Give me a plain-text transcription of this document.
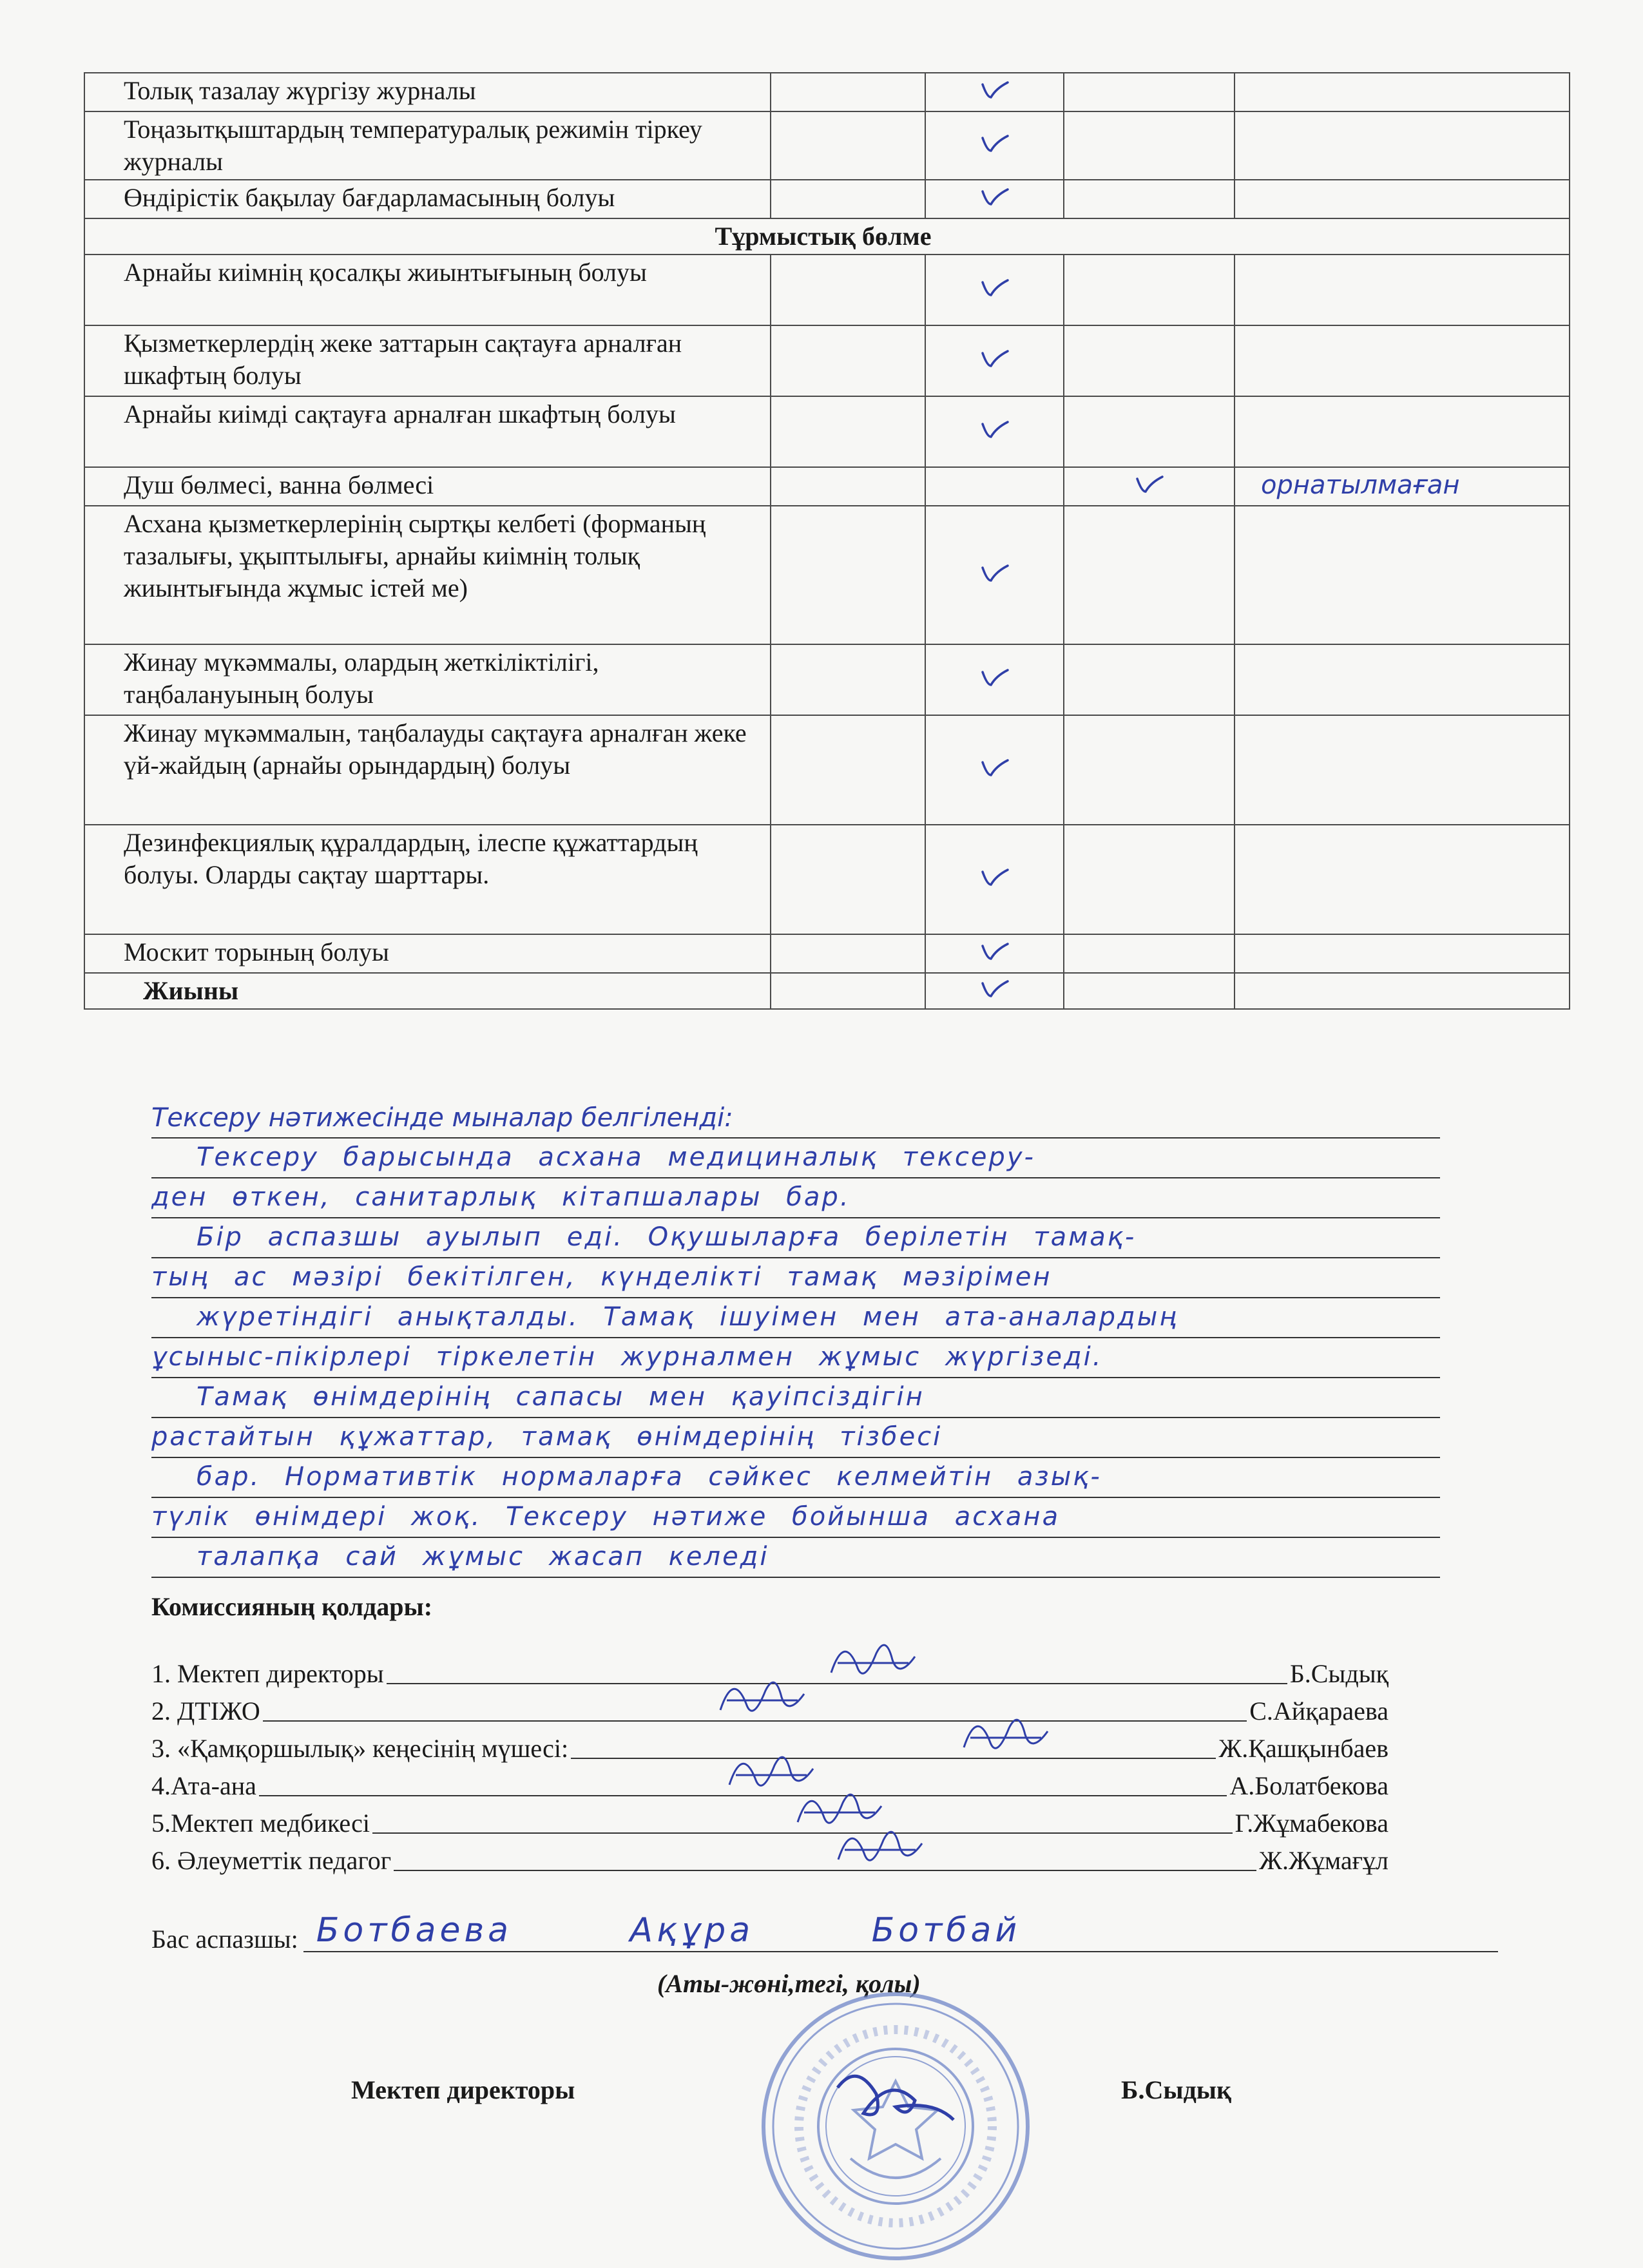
Толық тазалау жүргізу журналы		

Тоңазытқыштардың температуралық режимін тіркеу журналы		

Өндірістік бақылау бағдарламасының болуы		

Тұрмыстық бөлме				
Арнайы киімнің қосалқы жиынтығының болуы		

Қызметкерлердің жеке заттарын сақтауға арналған шкафтың болуы		

Арнайы киімді сақтауға арналған шкафтың болуы		

Душ бөлмесі, ванна бөлмесі				орнатылмаған
Асхана қызметкерлерінің сыртқы келбеті (форманың тазалығы, ұқыптылығы, арнайы киімнің толық жиынтығында жұмыс істей ме)		

Жинау мүкәммалы, олардың жеткіліктілігі, таңбалануының болуы		

Жинау мүкәммалын, таңбалауды сақтауға арналған жеке үй-жайдың (арнайы орындардың) болуы		

Дезинфекциялық құралдардың, ілеспе құжаттардың болуы. Оларды сақтау шарттары.		

Москит торының болуы		

Жиыны		

Тексеру нәтижесінде мыналар белгіленді:
Тексеру барысында асхана медициналық тексеру-
ден өткен, санитарлық кітапшалары бар.
Бір аспазшы ауылып еді. Оқушыларға берілетін тамақ-
тың ас мәзірі бекітілген, күнделікті тамақ мәзірімен
жүретіндігі анықталды. Тамақ ішуімен мен ата-аналардың
ұсыныс-пікірлері тіркелетін журналмен жұмыс жүргізеді.
Тамақ өнімдерінің сапасы мен қауіпсіздігін
растайтын құжаттар, тамақ өнімдерінің тізбесі
бар. Нормативтік нормаларға сәйкес келмейтін азық-
түлік өнімдері жоқ. Тексеру нәтиже бойынша асхана
талапқа сай жұмыс жасап келеді
Комиссияның қолдары:
1. Мектеп директоры	Б.Сыдық
2. ДТІЖО	С.Айқараева
3. «Қамқоршылық» кеңесінің мүшесі:	Ж.Қашқынбаев
4.Ата-ана	А.Болатбекова
5.Мектеп медбикесі	Г.Жұмабекова
6. Әлеуметтік педагог	Ж.Жұмағұл
Бас аспазшы: Ботбаева Ақұра Ботбай
(Аты-жөні,тегі, қолы)
Мектеп директоры	Б.Сыдық
